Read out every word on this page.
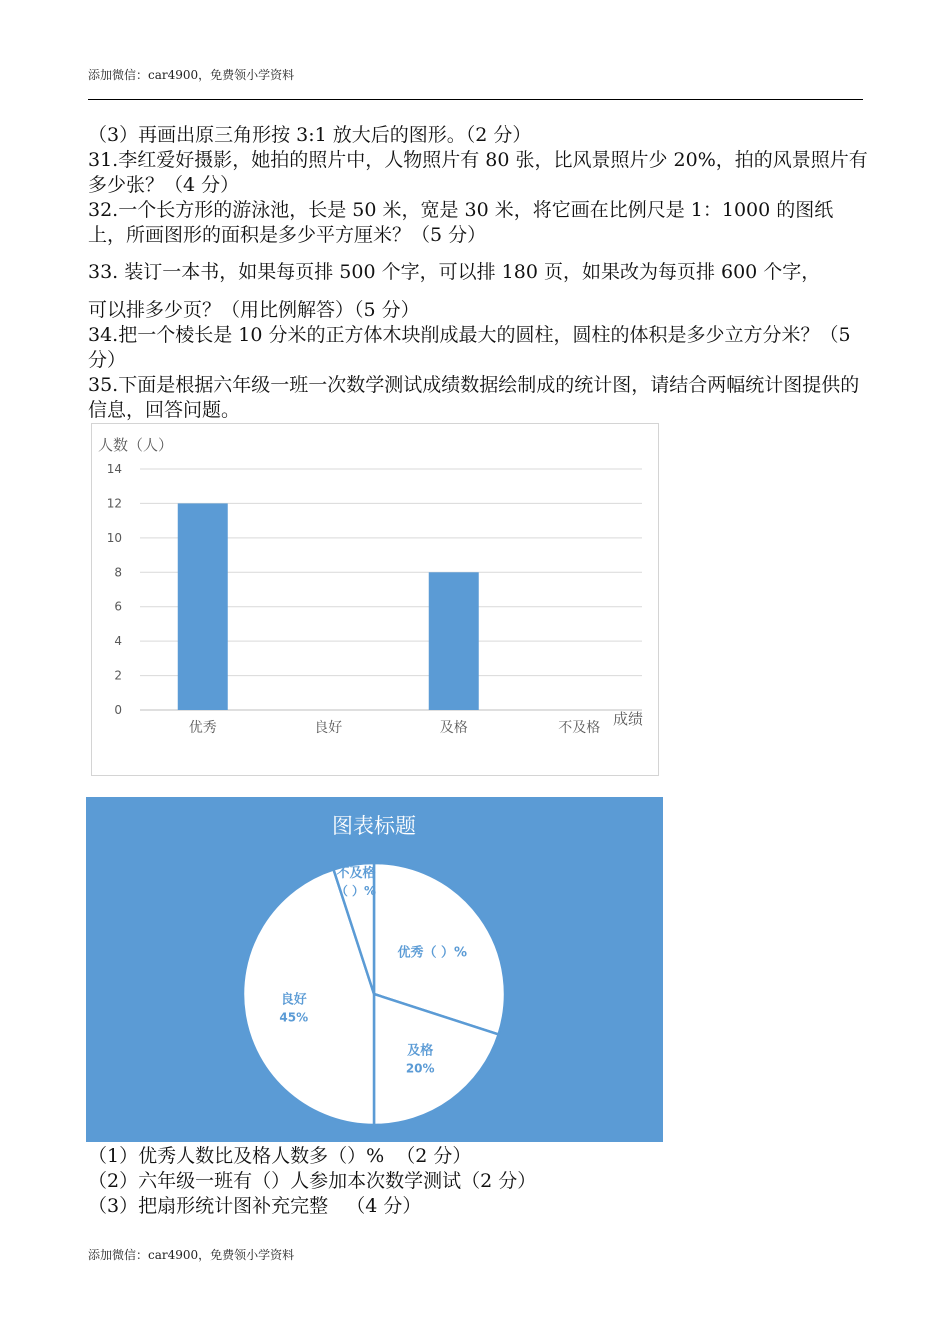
添加微信：car4900，免费领小学资料

（3）再画出原三角形按 3:1 放大后的图形。（2 分）

31.李红爱好摄影，她拍的照片中，人物照片有 80 张，比风景照片少 20%，拍的风景照片有多少张？（4 分）

32.一个长方形的游泳池，长是 50 米，宽是 30 米，将它画在比例尺是 1：1000 的图纸上，所画图形的面积是多少平方厘米？（5 分）

33. 装订一本书，如果每页排 500 个字，可以排 180 页，如果改为每页排 600 个字，

可以排多少页？（用比例解答）（5 分）

34.把一个棱长是 10 分米的正方体木块削成最大的圆柱，圆柱的体积是多少立方分米？（5 分）

35.下面是根据六年级一班一次数学测试成绩数据绘制成的统计图，请结合两幅统计图提供的信息，回答问题。

人数（人）
0
2
4
6
8
10
12
14
优秀	良好	及格	不及格 成绩
图表标题
优秀（ ）%
及格
20%
良好
45%
不及格
（ ）%

（1）优秀人数比及格人数多（）%  （2 分）

（2）六年级一班有（）人参加本次数学测试（2 分）

（3）把扇形统计图补充完整   （4 分）

添加微信：car4900，免费领小学资料
